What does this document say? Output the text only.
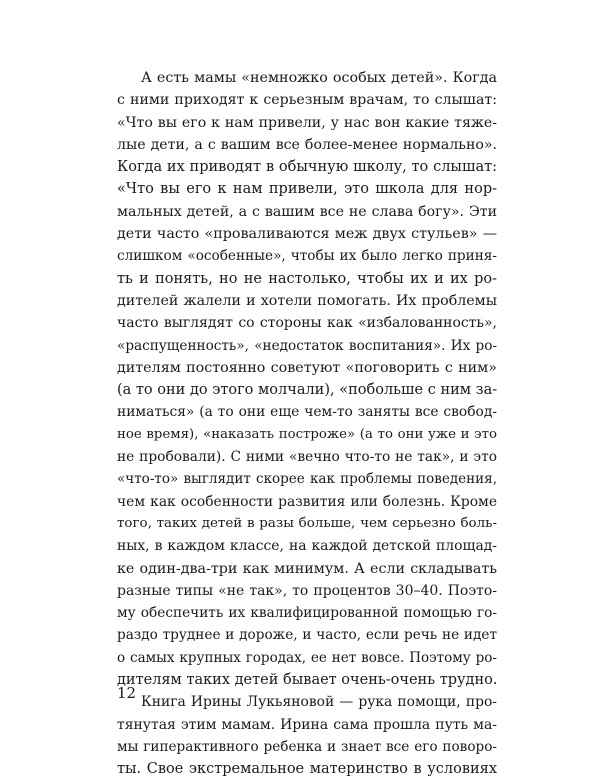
А есть мамы «немножко особых детей». Когда
с ними приходят к серьезным врачам, то слышат:
«Что вы его к нам привели, у нас вон какие тяже-
лые дети, а с вашим все более-менее нормально».
Когда их приводят в обычную школу, то слышат:
«Что вы его к нам привели, это школа для нор-
мальных детей, а с вашим все не слава богу». Эти
дети часто «проваливаются меж двух стульев» —
слишком «особенные», чтобы их было легко приня-
ть и понять, но не настолько, чтобы их и их ро-
дителей жалели и хотели помогать. Их проблемы
часто выглядят со стороны как «избалованность»,
«распущенность», «недостаток воспитания». Их ро-
дителям постоянно советуют «поговорить с ним»
(а то они до этого молчали), «побольше с ним за-
ниматься» (а то они еще чем-то заняты все свобод-
ное время), «наказать построже» (а то они уже и это
не пробовали). С ними «вечно что-то не так», и это
«что-то» выглядит скорее как проблемы поведения,
чем как особенности развития или болезнь. Кроме
того, таких детей в разы больше, чем серьезно боль-
ных, в каждом классе, на каждой детской площад-
ке один-два-три как минимум. А если складывать
разные типы «не так», то процентов 30–40. Поэто-
му обеспечить их квалифицированной помощью го-
раздо труднее и дороже, и часто, если речь не идет
о самых крупных городах, ее нет вовсе. Поэтому ро-
дителям таких детей бывает очень-очень трудно.
Книга Ирины Лукьяновой — рука помощи, про-
тянутая этим мамам. Ирина сама прошла путь ма-
мы гиперактивного ребенка и знает все его поворо-
ты. Свое экстремальное материнство в условиях
12
